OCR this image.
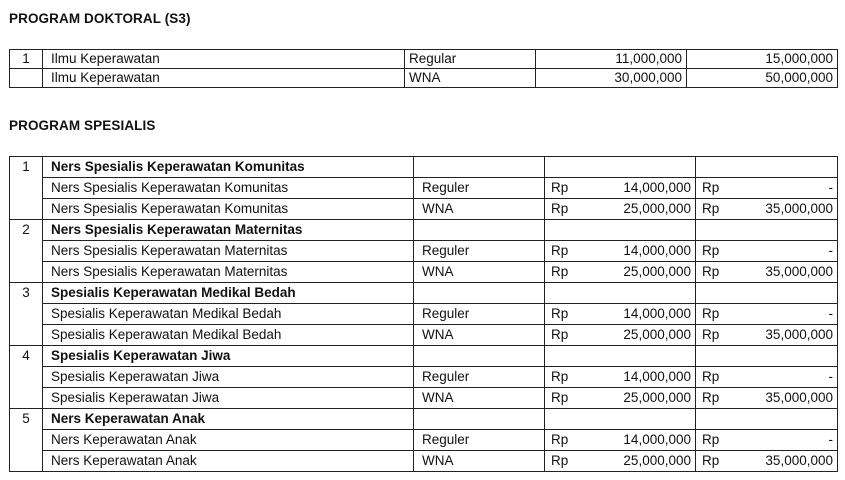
PROGRAM DOKTORAL (S3)
1	Ilmu Keperawatan	Regular	11,000,000	15,000,000
	Ilmu Keperawatan	WNA	30,000,000	50,000,000
PROGRAM SPESIALIS
1	Ners Spesialis Keperawatan Komunitas					
	Ners Spesialis Keperawatan Komunitas	Reguler	Rp	14,000,000	Rp	-
	Ners Spesialis Keperawatan Komunitas	WNA	Rp	25,000,000	Rp	35,000,000
2	Ners Spesialis Keperawatan Maternitas					
	Ners Spesialis Keperawatan Maternitas	Reguler	Rp	14,000,000	Rp	-
	Ners Spesialis Keperawatan Maternitas	WNA	Rp	25,000,000	Rp	35,000,000
3	Spesialis Keperawatan Medikal Bedah					
	Spesialis Keperawatan Medikal Bedah	Reguler	Rp	14,000,000	Rp	-
	Spesialis Keperawatan Medikal Bedah	WNA	Rp	25,000,000	Rp	35,000,000
4	Spesialis Keperawatan Jiwa					
	Spesialis Keperawatan Jiwa	Reguler	Rp	14,000,000	Rp	-
	Spesialis Keperawatan Jiwa	WNA	Rp	25,000,000	Rp	35,000,000
5	Ners Keperawatan Anak					
	Ners Keperawatan Anak	Reguler	Rp	14,000,000	Rp	-
	Ners Keperawatan Anak	WNA	Rp	25,000,000	Rp	35,000,000
